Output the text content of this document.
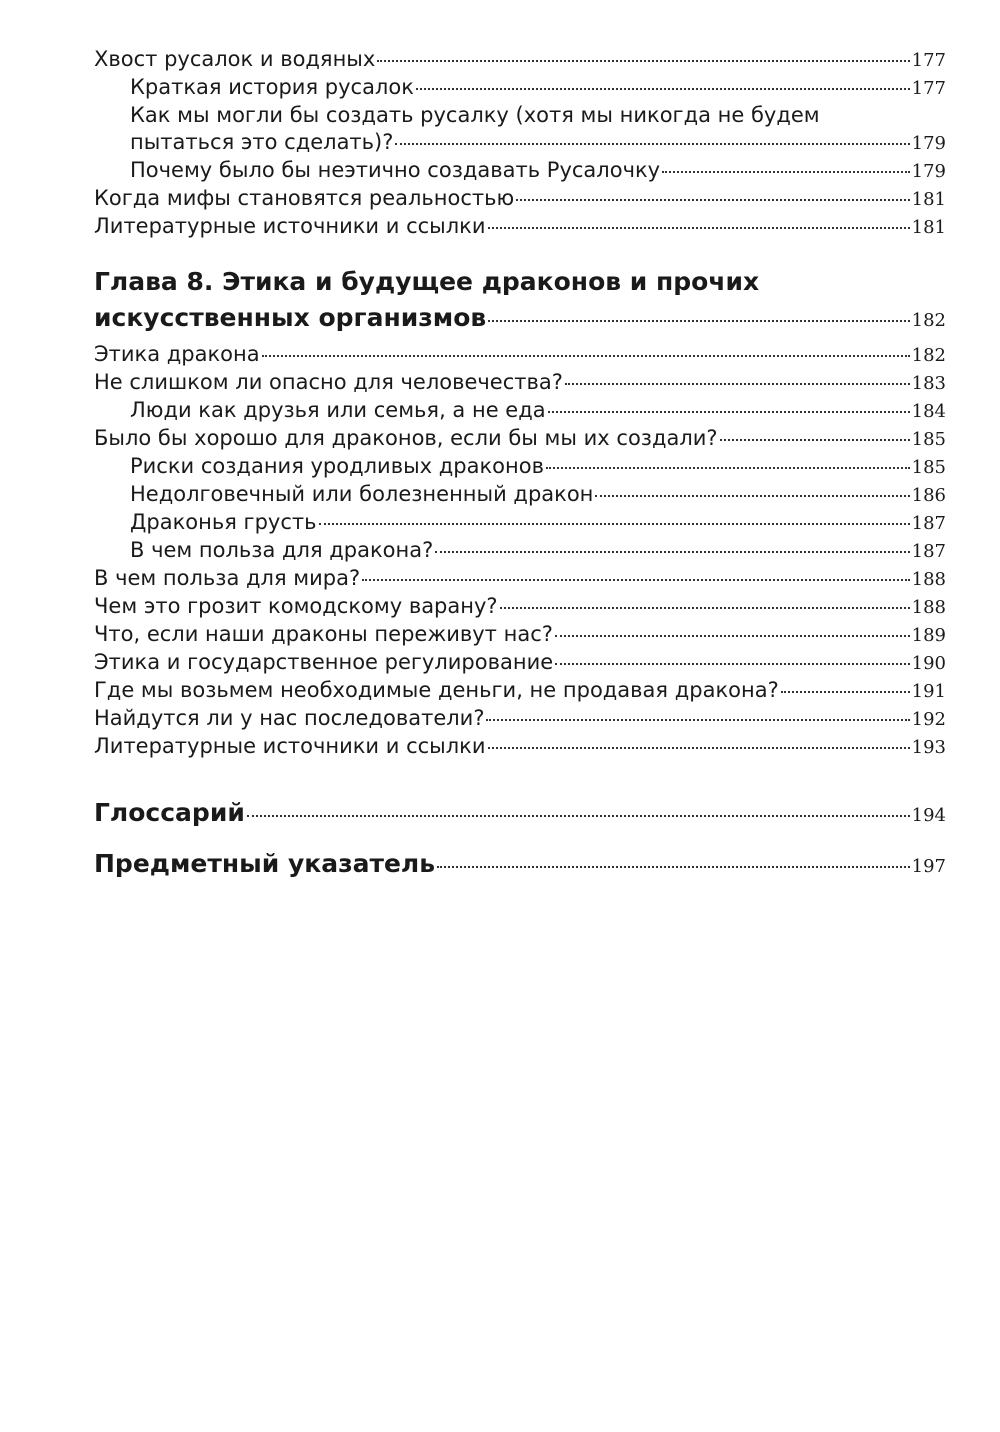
Хвост русалок и водяных	177
Краткая история русалок	177
Как мы могли бы создать русалку (хотя мы никогда не будем
пытаться это сделать)?	179
Почему было бы неэтично создавать Русалочку	179
Когда мифы становятся реальностью	181
Литературные источники и ссылки	181
Глава 8. Этика и будущее драконов и прочих
искусственных организмов	182
Этика дракона	182
Не слишком ли опасно для человечества?	183
Люди как друзья или семья, а не еда	184
Было бы хорошо для драконов, если бы мы их создали?	185
Риски создания уродливых драконов	185
Недолговечный или болезненный дракон	186
Драконья грусть	187
В чем польза для дракона?	187
В чем польза для мира?	188
Чем это грозит комодскому варану?	188
Что, если наши драконы переживут нас?	189
Этика и государственное регулирование	190
Где мы возьмем необходимые деньги, не продавая дракона?	191
Найдутся ли у нас последователи?	192
Литературные источники и ссылки	193
Глоссарий	194
Предметный указатель	197
